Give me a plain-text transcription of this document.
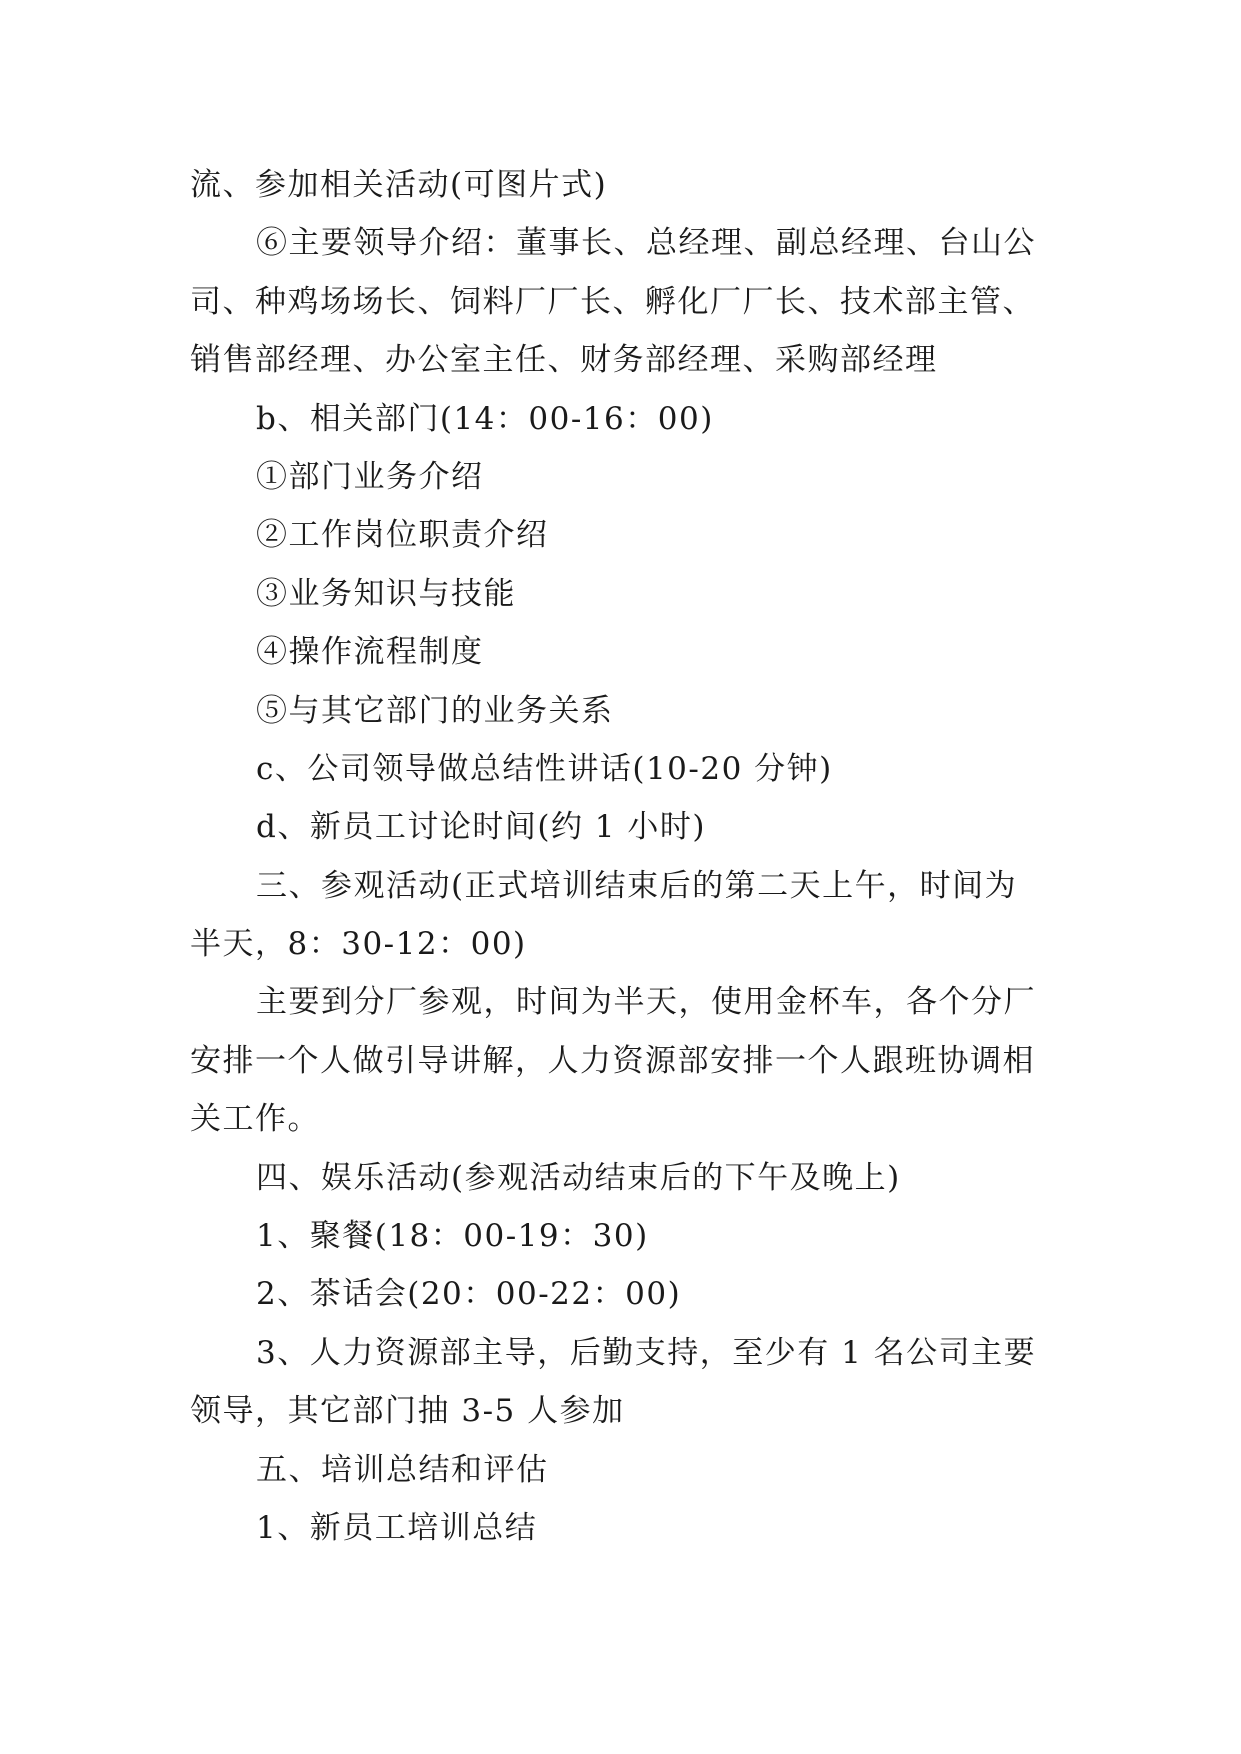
流、参加相关活动(可图片式)
⑥主要领导介绍：董事长、总经理、副总经理、台山公
司、种鸡场场长、饲料厂厂长、孵化厂厂长、技术部主管、
销售部经理、办公室主任、财务部经理、采购部经理
b、相关部门(14：00-16：00)
①部门业务介绍
②工作岗位职责介绍
③业务知识与技能
④操作流程制度
⑤与其它部门的业务关系
c、公司领导做总结性讲话(10-20 分钟)
d、新员工讨论时间(约 1 小时)
三、参观活动(正式培训结束后的第二天上午，时间为
半天，8：30-12：00)
主要到分厂参观，时间为半天，使用金杯车，各个分厂
安排一个人做引导讲解，人力资源部安排一个人跟班协调相
关工作。
四、娱乐活动(参观活动结束后的下午及晚上)
1、聚餐(18：00-19：30)
2、茶话会(20：00-22：00)
3、人力资源部主导，后勤支持，至少有 1 名公司主要
领导，其它部门抽 3-5 人参加
五、培训总结和评估
1、新员工培训总结
